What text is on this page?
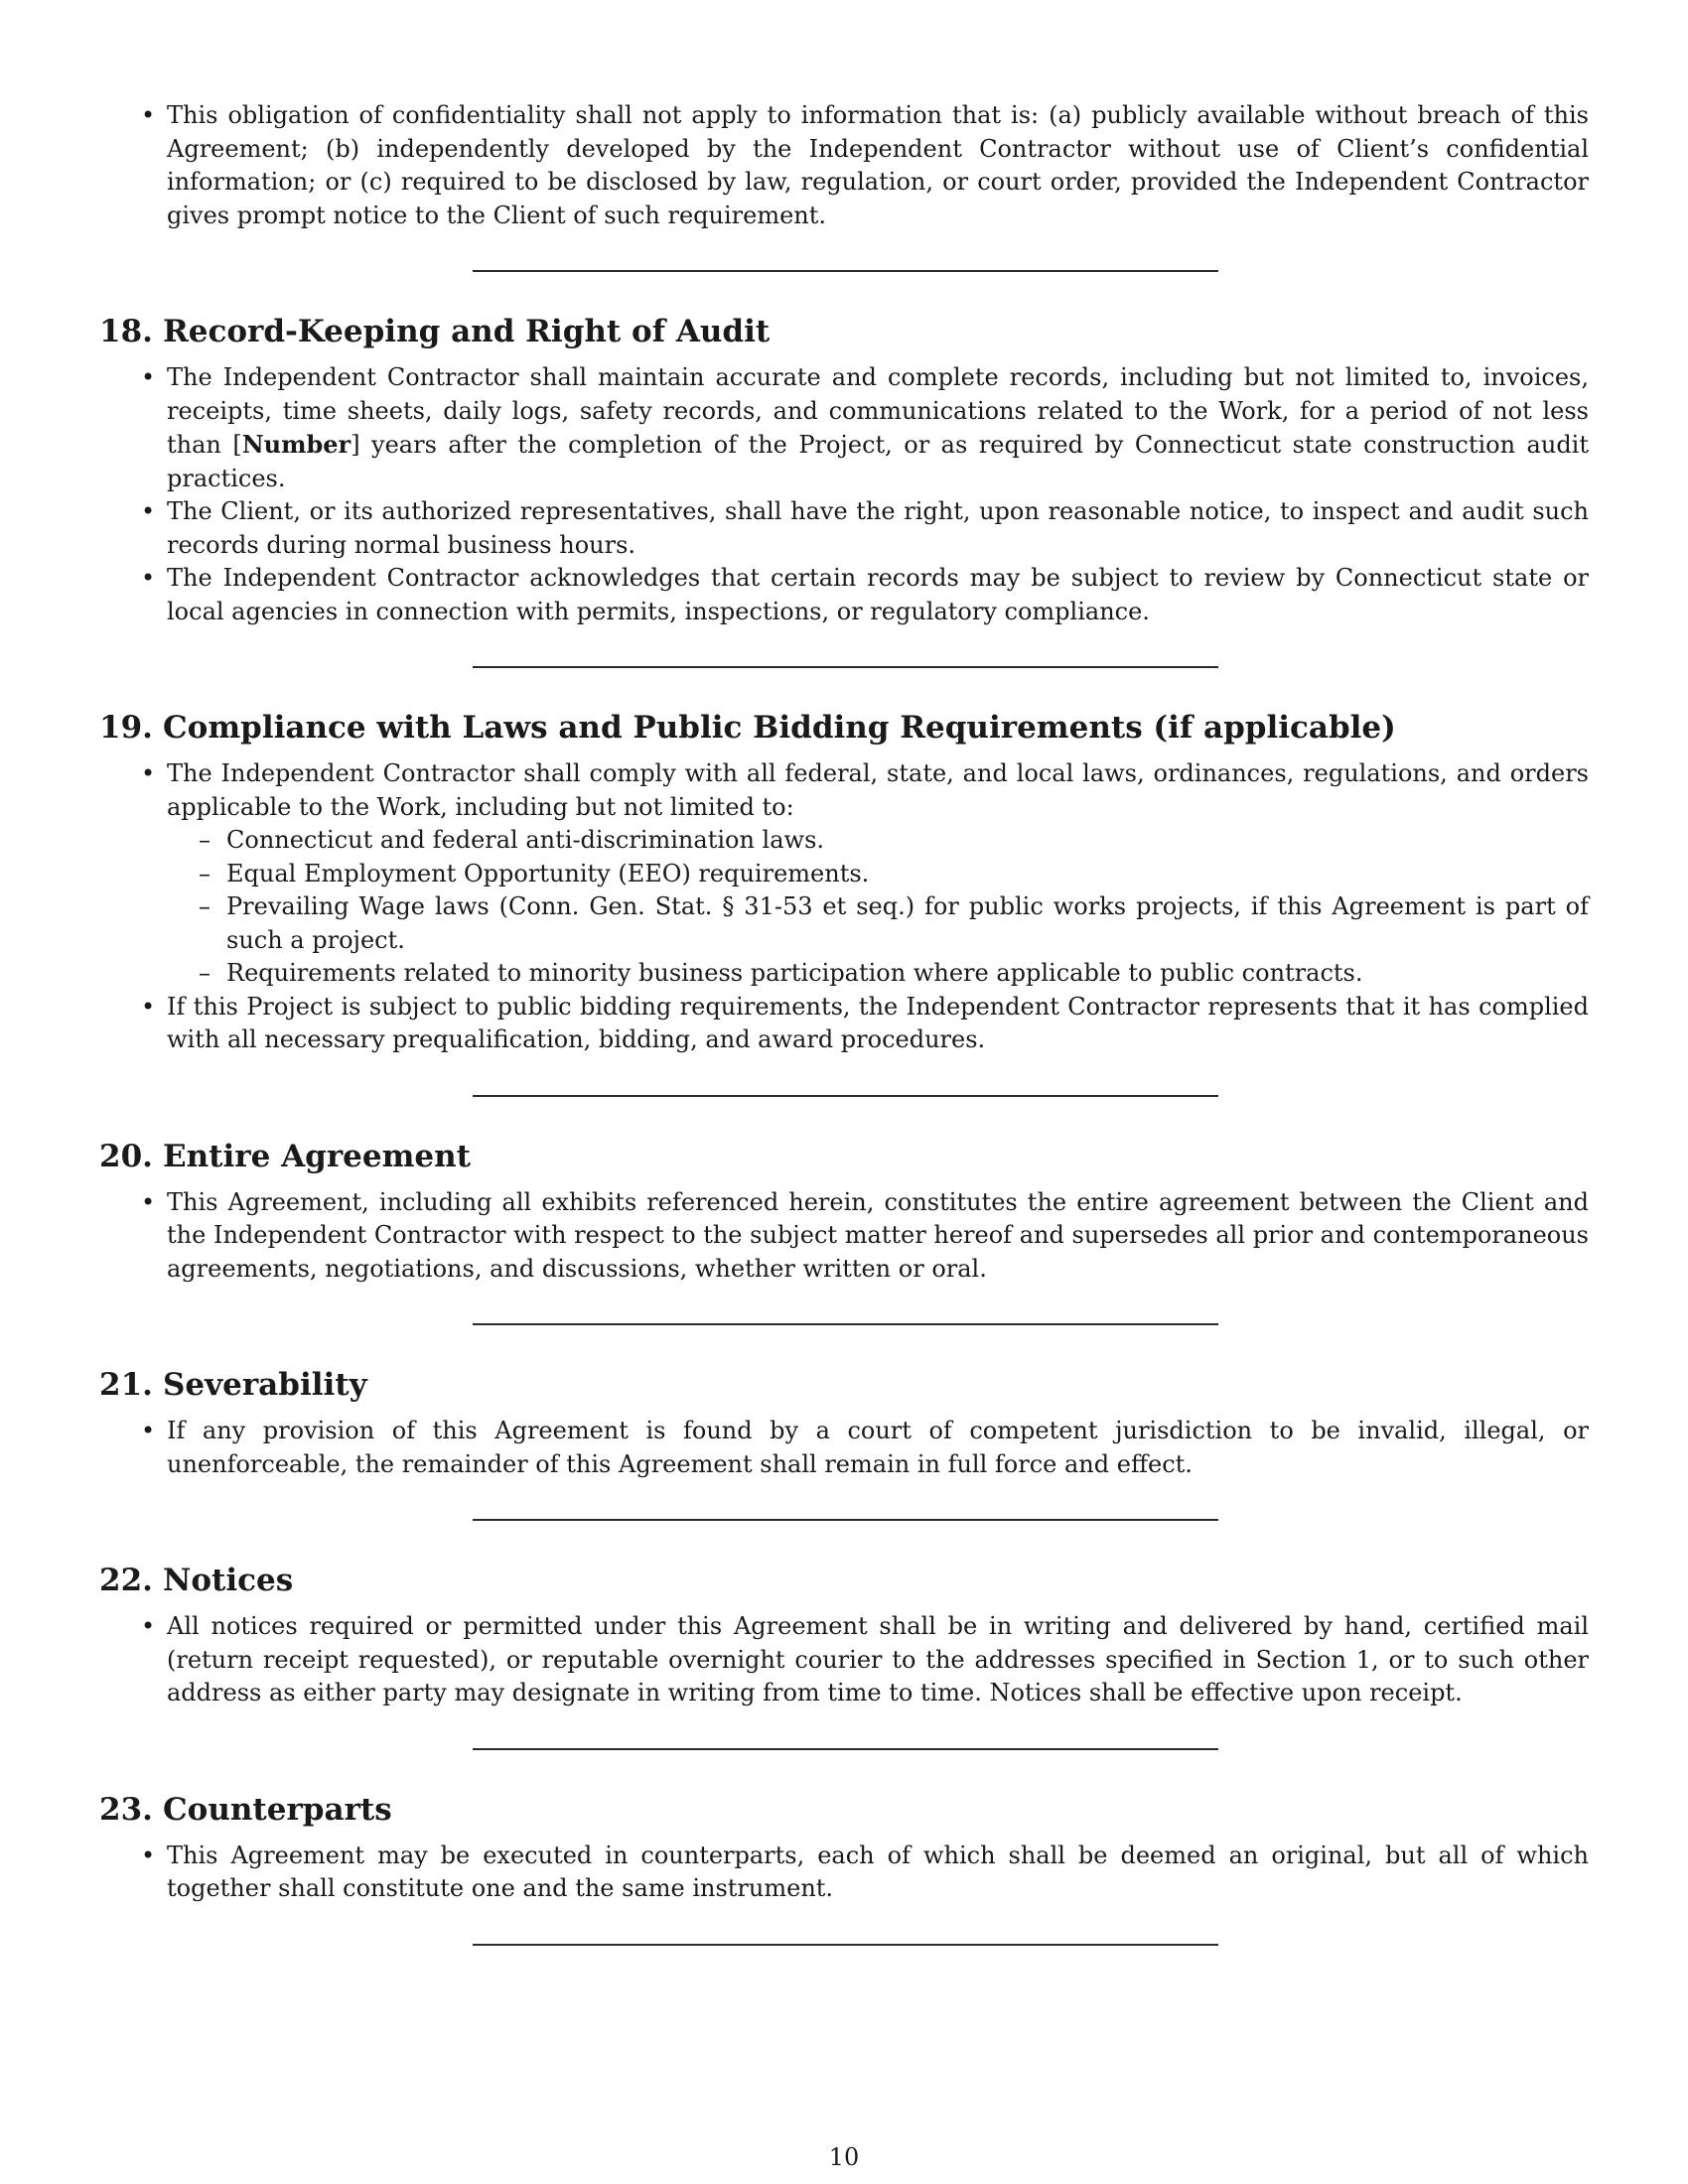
• This obligation of confidentiality shall not apply to information that is: (a) publicly available without breach of this Agreement; (b) independently developed by the Independent Contractor without use of Client’s confidential information; or (c) required to be disclosed by law, regulation, or court order, provided the Independent Contractor gives prompt notice to the Client of such requirement.
18. Record-Keeping and Right of Audit
• The Independent Contractor shall maintain accurate and complete records, including but not limited to, invoices, receipts, time sheets, daily logs, safety records, and communications related to the Work, for a period of not less than [Number] years after the completion of the Project, or as required by Connecticut state construction audit practices.
• The Client, or its authorized representatives, shall have the right, upon reasonable notice, to inspect and audit such records during normal business hours.
• The Independent Contractor acknowledges that certain records may be subject to review by Connecticut state or local agencies in connection with permits, inspections, or regulatory compliance.
19. Compliance with Laws and Public Bidding Requirements (if applicable)
• The Independent Contractor shall comply with all federal, state, and local laws, ordinances, regulations, and orders applicable to the Work, including but not limited to:
– Connecticut and federal anti-discrimination laws.
– Equal Employment Opportunity (EEO) requirements.
– Prevailing Wage laws (Conn. Gen. Stat. § 31-53 et seq.) for public works projects, if this Agreement is part of such a project.
– Requirements related to minority business participation where applicable to public contracts.
• If this Project is subject to public bidding requirements, the Independent Contractor represents that it has complied with all necessary prequalification, bidding, and award procedures.
20. Entire Agreement
• This Agreement, including all exhibits referenced herein, constitutes the entire agreement between the Client and the Independent Contractor with respect to the subject matter hereof and supersedes all prior and contemporaneous agreements, negotiations, and discussions, whether written or oral.
21. Severability
• If any provision of this Agreement is found by a court of competent jurisdiction to be invalid, illegal, or unenforceable, the remainder of this Agreement shall remain in full force and effect.
22. Notices
• All notices required or permitted under this Agreement shall be in writing and delivered by hand, certified mail (return receipt requested), or reputable overnight courier to the addresses specified in Section 1, or to such other address as either party may designate in writing from time to time. Notices shall be effective upon receipt.
23. Counterparts
• This Agreement may be executed in counterparts, each of which shall be deemed an original, but all of which together shall constitute one and the same instrument.
10
